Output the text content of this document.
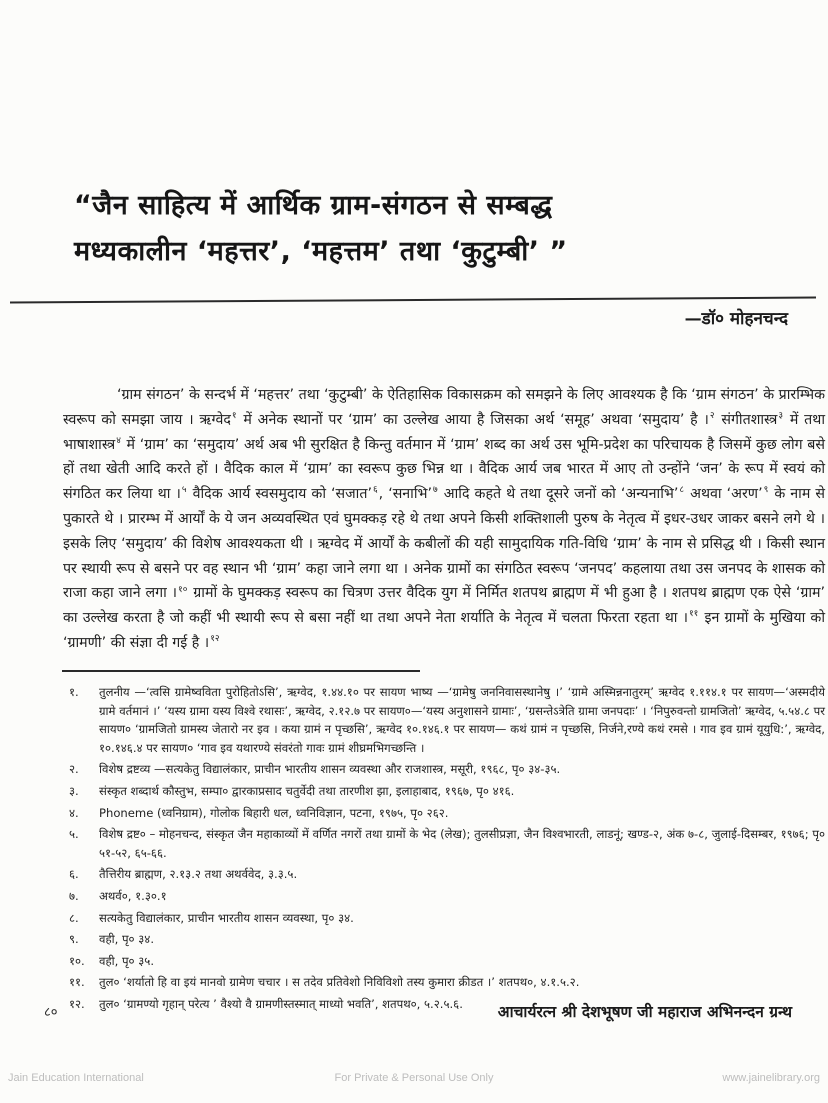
“जैन साहित्य में आर्थिक ग्राम-संगठन से सम्बद्ध
मध्यकालीन ‘महत्तर’, ‘महत्तम’ तथा ‘कुटुम्बी’ ”
—डॉ० मोहनचन्द
‘ग्राम संगठन’ के सन्दर्भ में ‘महत्तर’ तथा ‘कुटुम्बी’ के ऐतिहासिक विकासक्रम को समझने के लिए आवश्यक है कि ‘ग्राम संगठन’ के प्रारम्भिक स्वरूप को समझा जाय । ऋग्वेद$^१$ में अनेक स्थानों पर ‘ग्राम’ का उल्लेख आया है जिसका अर्थ ‘समूह’ अथवा ‘समुदाय’ है ।$^२$ संगीतशास्त्र$^३$ में तथा भाषाशास्त्र$^४$ में ‘ग्राम’ का ‘समुदाय’ अर्थ अब भी सुरक्षित है किन्तु वर्तमान में ‘ग्राम’ शब्द का अर्थ उस भूमि-प्रदेश का परिचायक है जिसमें कुछ लोग बसे हों तथा खेती आदि करते हों । वैदिक काल में ‘ग्राम’ का स्वरूप कुछ भिन्न था । वैदिक आर्य जब भारत में आए तो उन्होंने ‘जन’ के रूप में स्वयं को संगठित कर लिया था ।$^५$ वैदिक आर्य स्वसमुदाय को ‘सजात’$^६$, ‘सनाभि’$^७$ आदि कहते थे तथा दूसरे जनों को ‘अन्यनाभि’$^८$ अथवा ‘अरण’$^९$ के नाम से पुकारते थे । प्रारम्भ में आर्यों के ये जन अव्यवस्थित एवं घुमक्कड़ रहे थे तथा अपने किसी शक्तिशाली पुरुष के नेतृत्व में इधर-उधर जाकर बसने लगे थे । इसके लिए ‘समुदाय’ की विशेष आवश्यकता थी । ऋग्वेद में आर्यों के कबीलों की यही सामुदायिक गति-विधि ‘ग्राम’ के नाम से प्रसिद्ध थी । किसी स्थान पर स्थायी रूप से बसने पर वह स्थान भी ‘ग्राम’ कहा जाने लगा था । अनेक ग्रामों का संगठित स्वरूप ‘जनपद’ कहलाया तथा उस जनपद के शासक को राजा कहा जाने लगा ।$^{१०}$ ग्रामों के घुमक्कड़ स्वरूप का चित्रण उत्तर वैदिक युग में निर्मित शतपथ ब्राह्मण में भी हुआ है । शतपथ ब्राह्मण एक ऐसे ‘ग्राम’ का उल्लेख करता है जो कहीं भी स्थायी रूप से बसा नहीं था तथा अपने नेता शर्याति के नेतृत्व में चलता फिरता रहता था ।$^{११}$ इन ग्रामों के मुखिया को ‘ग्रामणी’ की संज्ञा दी गई है ।$^{१२}$
१.	तुलनीय —‘त्वसि ग्रामेष्वविता पुरोहितोऽसि’, ऋग्वेद, १.४४.१० पर सायण भाष्य —‘ग्रामेषु जननिवासस्थानेषु ।’ ‘ग्रामे अस्मिन्ननातुरम्’ ऋग्वेद १.११४.१ पर सायण—‘अस्मदीये ग्रामे वर्तमानं ।’ ‘यस्य ग्रामा यस्य विश्वे रथासः’, ऋग्वेद, २.१२.७ पर सायण०—‘यस्य अनुशासने ग्रामाः’, ‘ग्रसन्तेऽत्रेति ग्रामा जनपदाः’ । ‘निपुरुवन्तो ग्रामजितो’ ऋग्वेद, ५.५४.८ पर सायण० ‘ग्रामजितो ग्रामस्य जेतारो नर इव । कया ग्रामं न पृच्छसि’, ऋग्वेद १०.१४६.१ पर सायण— कथं ग्रामं न पृच्छसि, निर्जने,रण्ये कथं रमसे । गाव इव ग्रामं यूयुधि:’, ऋग्वेद, १०.१४६.४ पर सायण० ‘गाव इव यथारण्ये संवरंतो गावः ग्रामं शीघ्रमभिगच्छन्ति ।
२.	विशेष द्रष्टव्य —सत्यकेतु विद्यालंकार, प्राचीन भारतीय शासन व्यवस्था और राजशास्त्र, मसूरी, १९६८, पृ० ३४-३५.
३.	संस्कृत शब्दार्थ कौस्तुभ, सम्पा० द्वारकाप्रसाद चतुर्वेदी तथा तारणीश झा, इलाहाबाद, १९६७, पृ० ४१६.
४.	Phoneme (ध्वनिग्राम), गोलोक बिहारी धल, ध्वनिविज्ञान, पटना, १९७५, पृ० २६२.
५.	विशेष द्रष्ट० – मोहनचन्द, संस्कृत जैन महाकाव्यों में वर्णित नगरों तथा ग्रामों के भेद (लेख); तुलसीप्रज्ञा, जैन विश्वभारती, लाडनूं; खण्ड-२, अंक ७-८, जुलाई-दिसम्बर, १९७६; पृ० ५१-५२, ६५-६६.
६.	तैत्तिरीय ब्राह्मण, २.१३.२ तथा अथर्ववेद, ३.३.५.
७.	अथर्व०, १.३०.१
८.	सत्यकेतु विद्यालंकार, प्राचीन भारतीय शासन व्यवस्था, पृ० ३४.
९.	वही, पृ० ३४.
१०.	वही, पृ० ३५.
११.	तुल० ‘शर्यातो हि वा इयं मानवो ग्रामेण चचार । स तदेव प्रतिवेशो निविविशो तस्य कुमारा क्रीडत ।’ शतपथ०, ४.१.५.२.
१२.	तुल० ‘ग्रामण्यो गृहान् परेत्य ’ वैश्यो वै ग्रामणीस्तस्मात् माध्यो भवति’, शतपथ०, ५.२.५.६.
८०	आचार्यरत्न श्री देशभूषण जी महाराज अभिनन्दन ग्रन्थ
Jain Education International	For Private & Personal Use Only	www.jainelibrary.org
